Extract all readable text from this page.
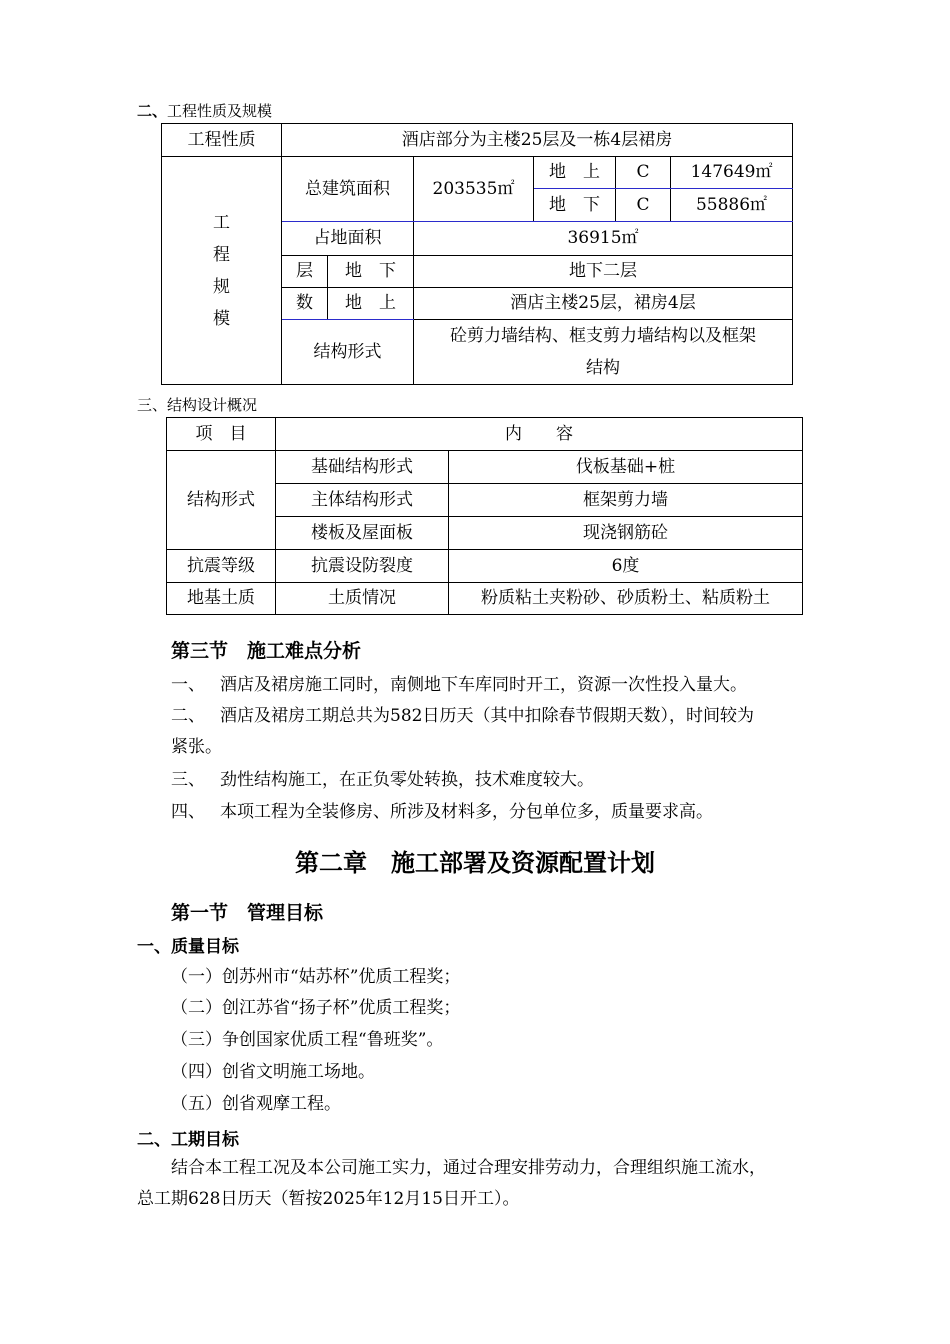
二、工程性质及规模
工程性质	酒店部分为主楼25层及一栋4层裙房					
工
程
规
模	总建筑面积		203535㎡	地　上	C	147649㎡
				地　下	C	55886㎡
	占地面积		36915㎡			
	层	地　下	地下二层			
	数	地　上	酒店主楼25层，裙房4层			
	结构形式		砼剪力墙结构、框支剪力墙结构以及框架
结构			
三、结构设计概况
项　目	内　　容	
结构形式	基础结构形式	伐板基础+桩
	主体结构形式	框架剪力墙
	楼板及屋面板	现浇钢筋砼
抗震等级	抗震设防裂度	6度
地基土质	土质情况	粉质粘土夹粉砂、砂质粉土、粘质粉土
第三节　施工难点分析
一、 酒店及裙房施工同时，南侧地下车库同时开工，资源一次性投入量大。
二、 酒店及裙房工期总共为582日历天（其中扣除春节假期天数），时间较为
紧张。
三、 劲性结构施工，在正负零处转换，技术难度较大。
四、 本项工程为全装修房、所涉及材料多，分包单位多，质量要求高。
第二章　施工部署及资源配置计划
第一节　管理目标
一、质量目标
（一）创苏州市“姑苏杯”优质工程奖；
（二）创江苏省“扬子杯”优质工程奖；
（三）争创国家优质工程“鲁班奖”。
（四）创省文明施工场地。
（五）创省观摩工程。
二、工期目标
结合本工程工况及本公司施工实力，通过合理安排劳动力，合理组织施工流水，
总工期628日历天（暂按2025年12月15日开工）。
